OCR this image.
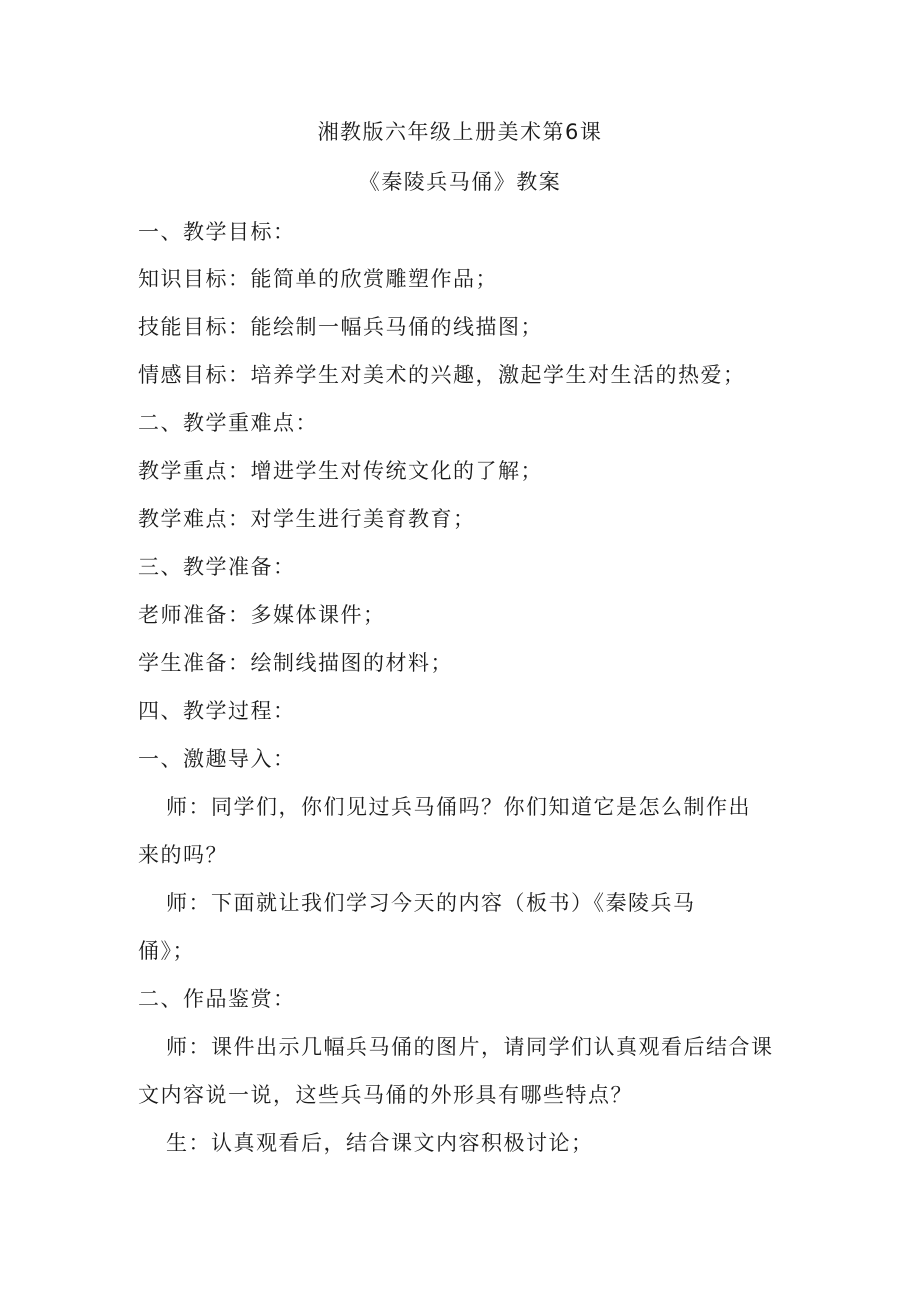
湘教版六年级上册美术第6课
《秦陵兵马俑》教案
一、教学目标：
知识目标：能简单的欣赏雕塑作品；
技能目标：能绘制一幅兵马俑的线描图；
情感目标：培养学生对美术的兴趣，激起学生对生活的热爱；
二、教学重难点：
教学重点：增进学生对传统文化的了解；
教学难点：对学生进行美育教育；
三、教学准备：
老师准备：多媒体课件；
学生准备：绘制线描图的材料；
四、教学过程：
一、激趣导入：
师：同学们，你们见过兵马俑吗？你们知道它是怎么制作出
来的吗？
师：下面就让我们学习今天的内容（板书）《秦陵兵马
俑》；
二、作品鉴赏：
师：课件出示几幅兵马俑的图片，请同学们认真观看后结合课
文内容说一说，这些兵马俑的外形具有哪些特点？
生：认真观看后，结合课文内容积极讨论；
